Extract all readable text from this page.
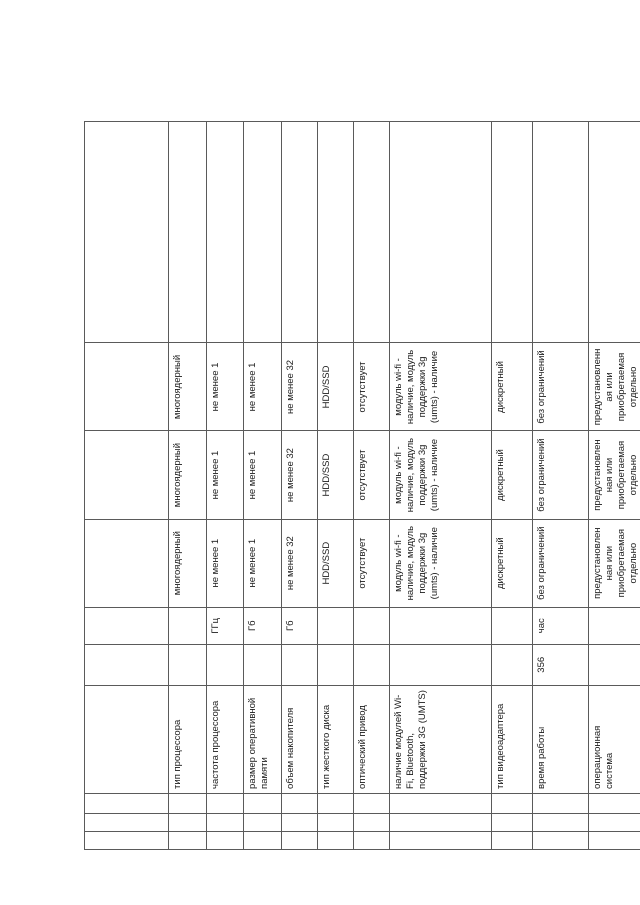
			тип процессора			многоядерный	многоядерный	многоядерный	
			частота процессора		ГГц	не менее 1	не менее 1	не менее 1	
			размер оперативной памяти		Гб	не менее 1	не менее 1	не менее 1	
			объем накопителя		Гб	не менее 32	не менее 32	не менее 32	
			тип жесткого диска			HDD/SSD	HDD/SSD	HDD/SSD	
			оптический привод			отсутствует	отсутствует	отсутствует	
			наличие модулей Wi-Fi, Bluetooth, поддержки 3G (UMTS)			модуль wi-fi - наличие, модуль поддержки 3g (umts) - наличие	модуль wi-fi - наличие, модуль поддержки 3g (umts) - наличие	модуль wi-fi - наличие, модуль поддержки 3g (umts) - наличие	
			тип видеоадаптера			дискретный	дискретный	дискретный	
			время работы	356	час	без ограничений	без ограничений	без ограничений	
			операционная система			предустановлен ная или приобретаемая отдельно	предустановлен ная или приобретаемая отдельно	предустановленн ая или приобретаемая отдельно	
